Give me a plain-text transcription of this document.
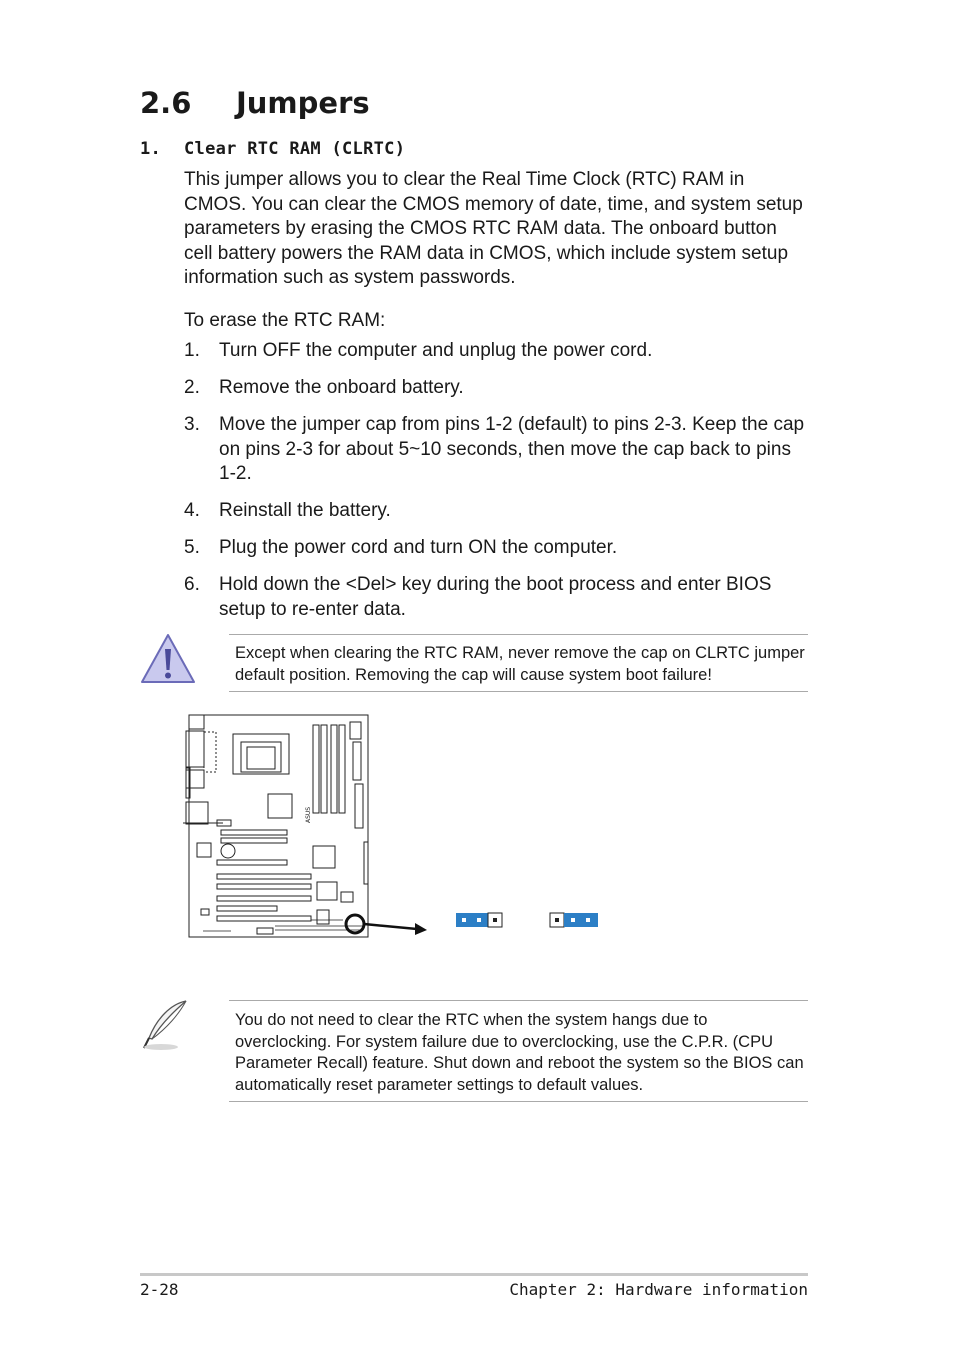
2.6 Jumpers
1. Clear RTC RAM (CLRTC)

This jumper allows you to clear the Real Time Clock (RTC) RAM in CMOS. You can clear the CMOS memory of date, time, and system setup parameters by erasing the CMOS RTC RAM data. The onboard button cell battery powers the RAM data in CMOS, which include system setup information such as system passwords.

To erase the RTC RAM:

1.	Turn OFF the computer and unplug the power cord.
2.	Remove the onboard battery.
3.	Move the jumper cap from pins 1-2 (default) to pins 2-3. Keep the cap on pins 2-3 for about 5~10 seconds, then move the cap back to pins 1-2.
4.	Reinstall the battery.
5.	Plug the power cord and turn ON the computer.
6.	Hold down the <Del> key during the boot process and enter BIOS setup to re-enter data.
Except when clearing the RTC RAM, never remove the cap on CLRTC jumper default position. Removing the cap will cause system boot failure!
ASUS
You do not need to clear the RTC when the system hangs due to overclocking. For system failure due to overclocking, use the C.P.R. (CPU Parameter Recall) feature. Shut down and reboot the system so the BIOS can automatically reset parameter settings to default values.
2-28	Chapter 2: Hardware information
